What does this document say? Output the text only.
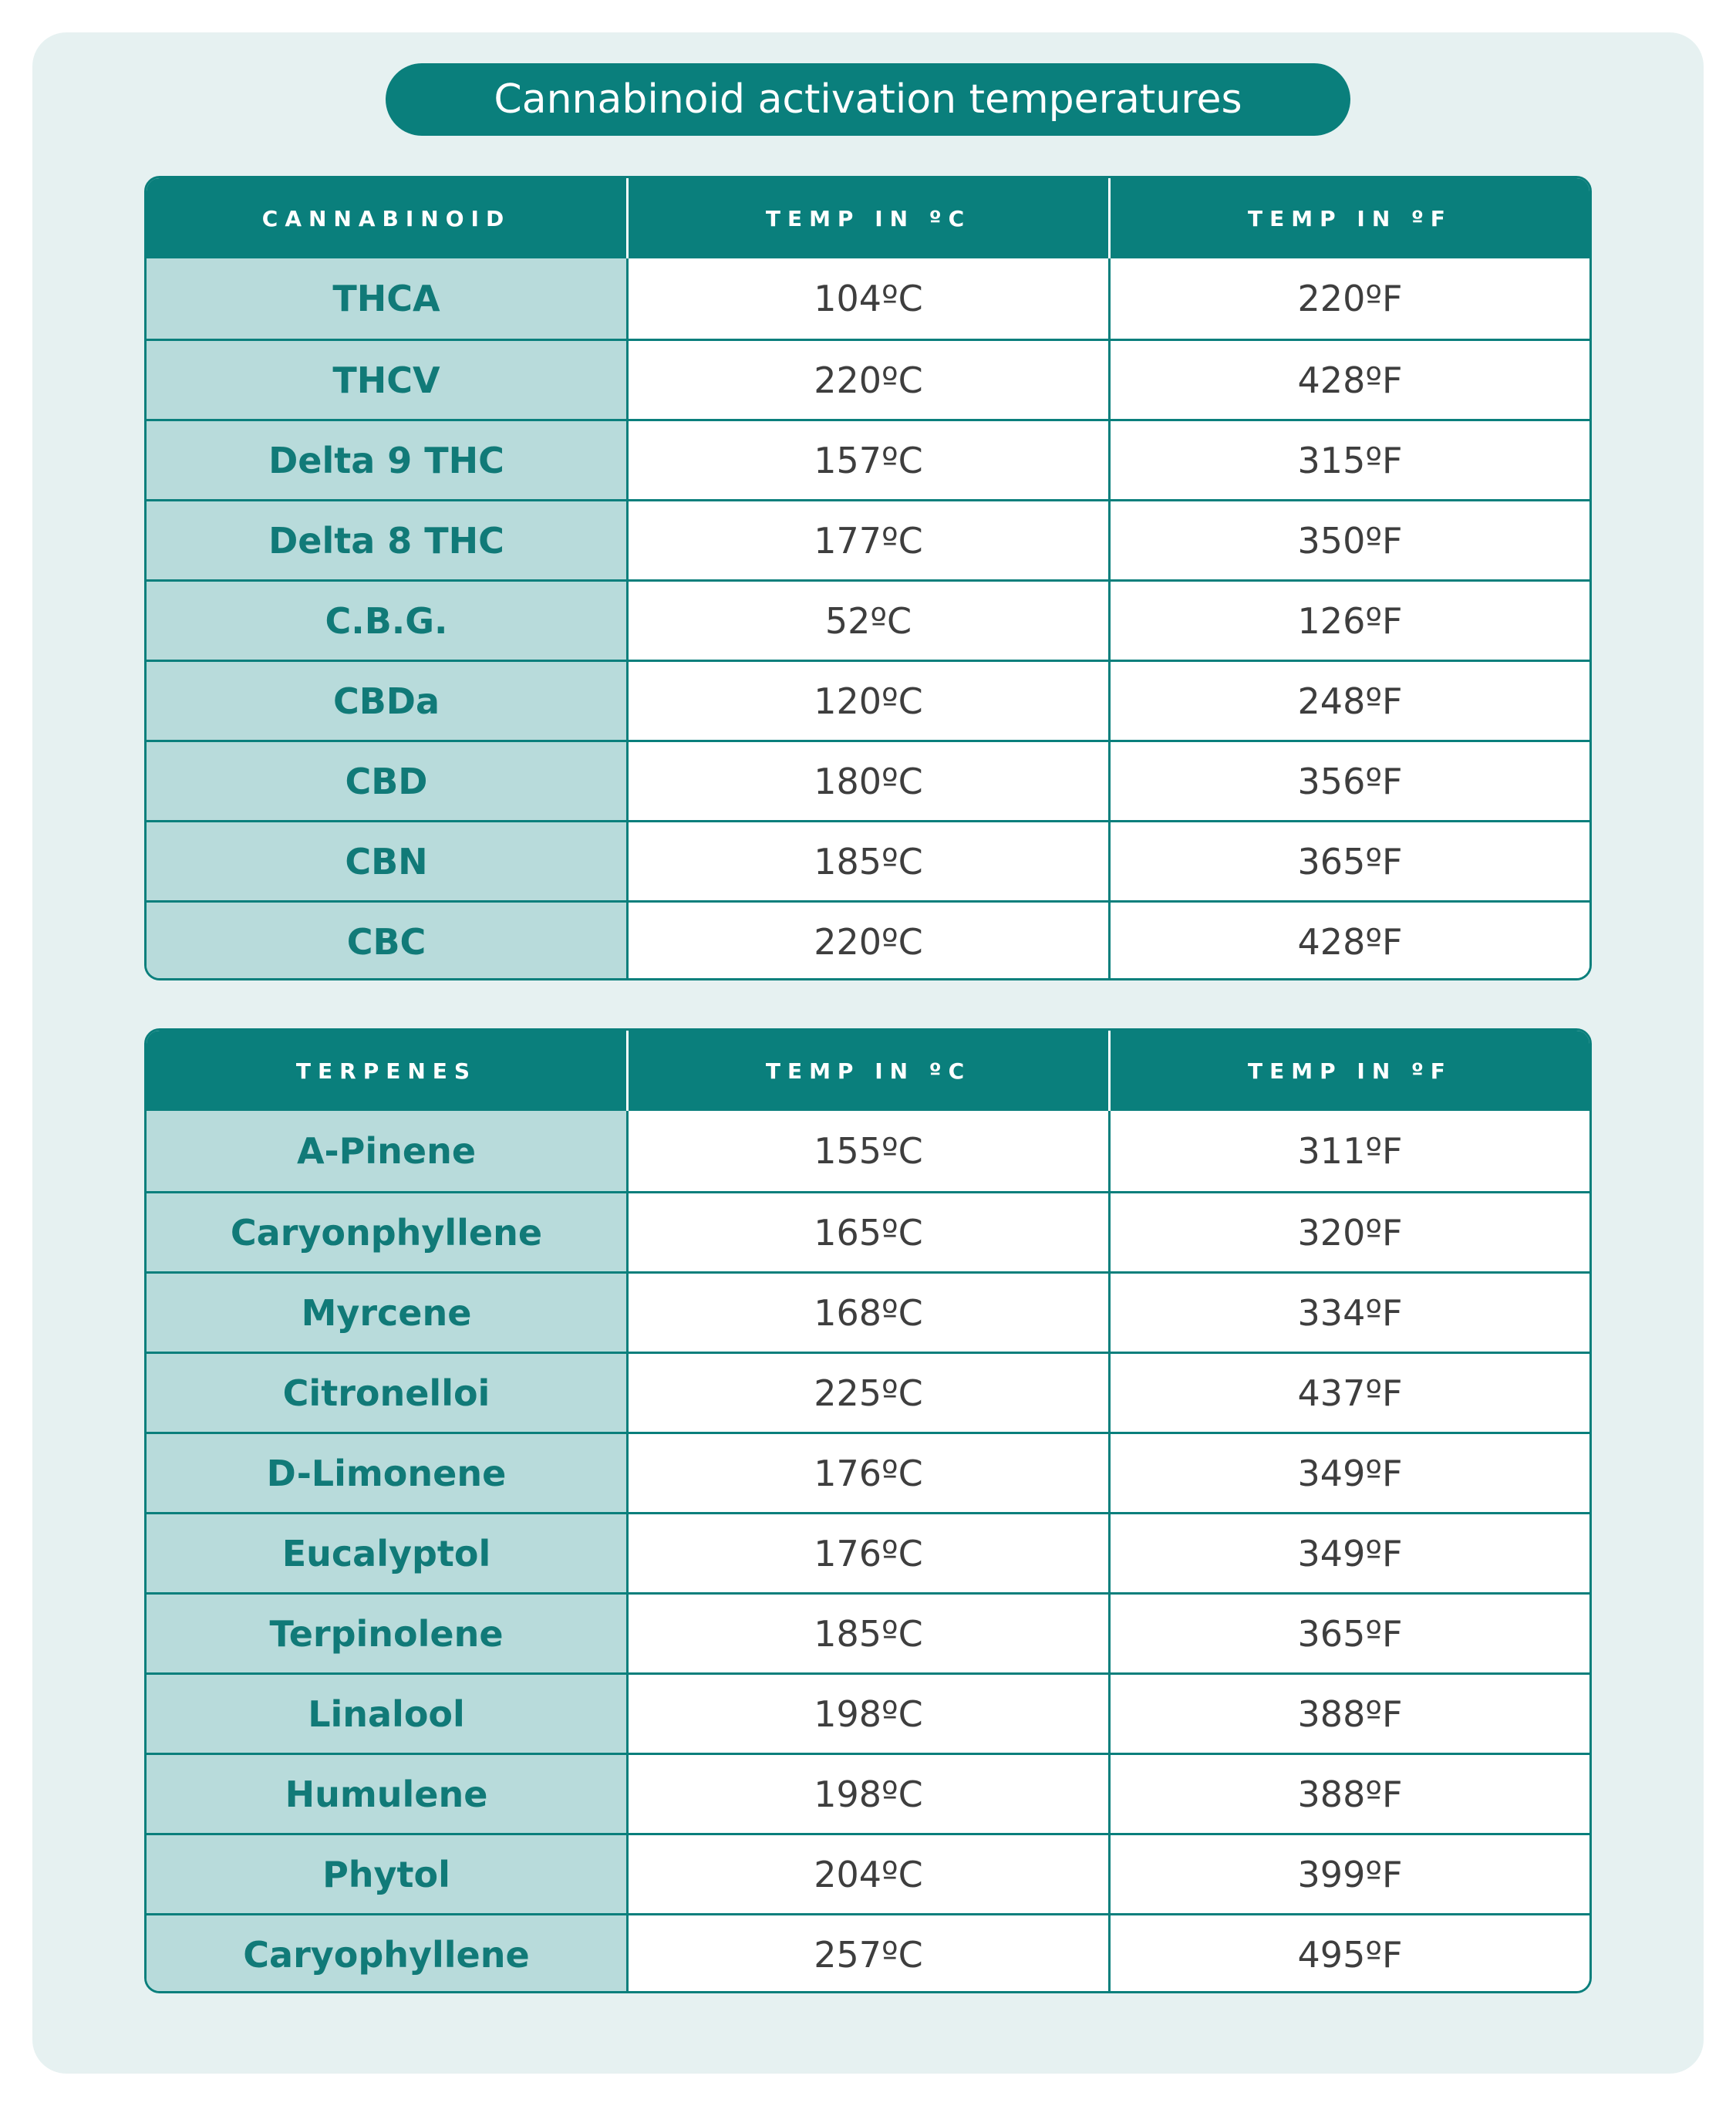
Cannabinoid activation temperatures
CANNABINOID	TEMP IN ºC	TEMP IN ºF
THCA	104ºC	220ºF
THCV	220ºC	428ºF
Delta 9 THC	157ºC	315ºF
Delta 8 THC	177ºC	350ºF
C.B.G.	52ºC	126ºF
CBDa	120ºC	248ºF
CBD	180ºC	356ºF
CBN	185ºC	365ºF
CBC	220ºC	428ºF
TERPENES	TEMP IN ºC	TEMP IN ºF
A-Pinene	155ºC	311ºF
Caryonphyllene	165ºC	320ºF
Myrcene	168ºC	334ºF
Citronelloi	225ºC	437ºF
D-Limonene	176ºC	349ºF
Eucalyptol	176ºC	349ºF
Terpinolene	185ºC	365ºF
Linalool	198ºC	388ºF
Humulene	198ºC	388ºF
Phytol	204ºC	399ºF
Caryophyllene	257ºC	495ºF
